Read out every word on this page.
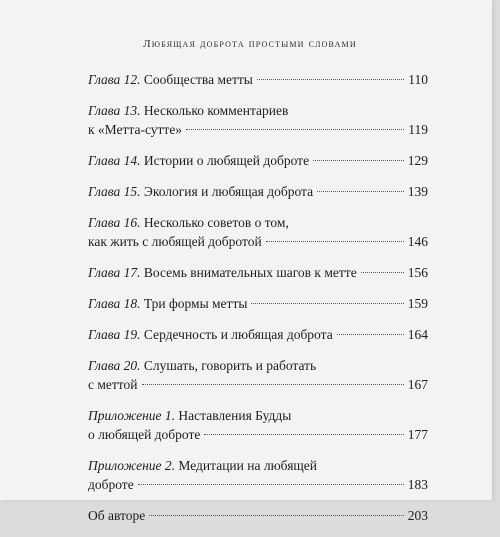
Любящая доброта простыми словами
Глава 12. Сообщества метты	110
Глава 13. Несколько комментариев
к «Метта-сутте»	119
Глава 14. Истории о любящей доброте	129
Глава 15. Экология и любящая доброта	139
Глава 16. Несколько советов о том,
как жить с любящей добротой	146
Глава 17. Восемь внимательных шагов к метте	156
Глава 18. Три формы метты	159
Глава 19. Сердечность и любящая доброта	164
Глава 20. Слушать, говорить и работать
с меттой	167
Приложение 1. Наставления Будды
о любящей доброте	177
Приложение 2. Медитации на любящей
доброте	183
Об авторе	203
